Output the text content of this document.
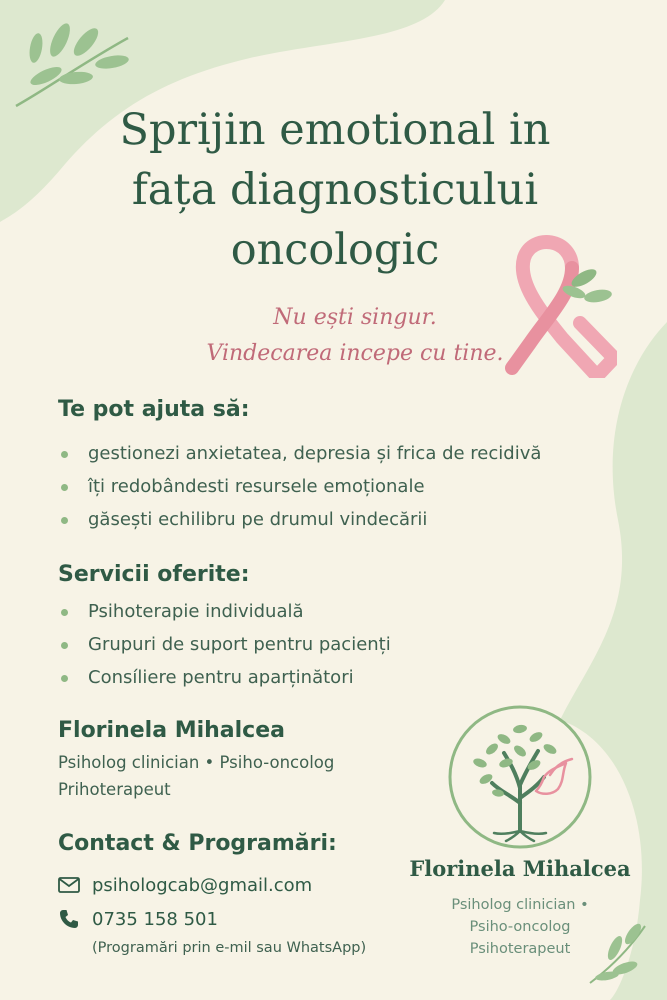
Sprijin emotional in
fața diagnosticului
oncologic
Nu ești singur.
Vindecarea incepe cu tine.
Te pot ajuta să:
gestionezi anxietatea, depresia și frica de recidivă
îți redobândesti resursele emoționale
găsești echilibru pe drumul vindecării
Servicii oferite:
Psihoterapie individuală
Grupuri de suport pentru pacienți
Consíliere pentru aparținători
Florinela Mihalcea
Psiholog clinician • Psiho-oncolog
Prihoterapeut
Contact & Programări:
psihologcab@gmail.com
0735 158 501
(Programări prin e-mil sau WhatsApp)
Florinela Mihalcea
Psiholog clinician •
Psiho-oncolog
Psihoterapeut
